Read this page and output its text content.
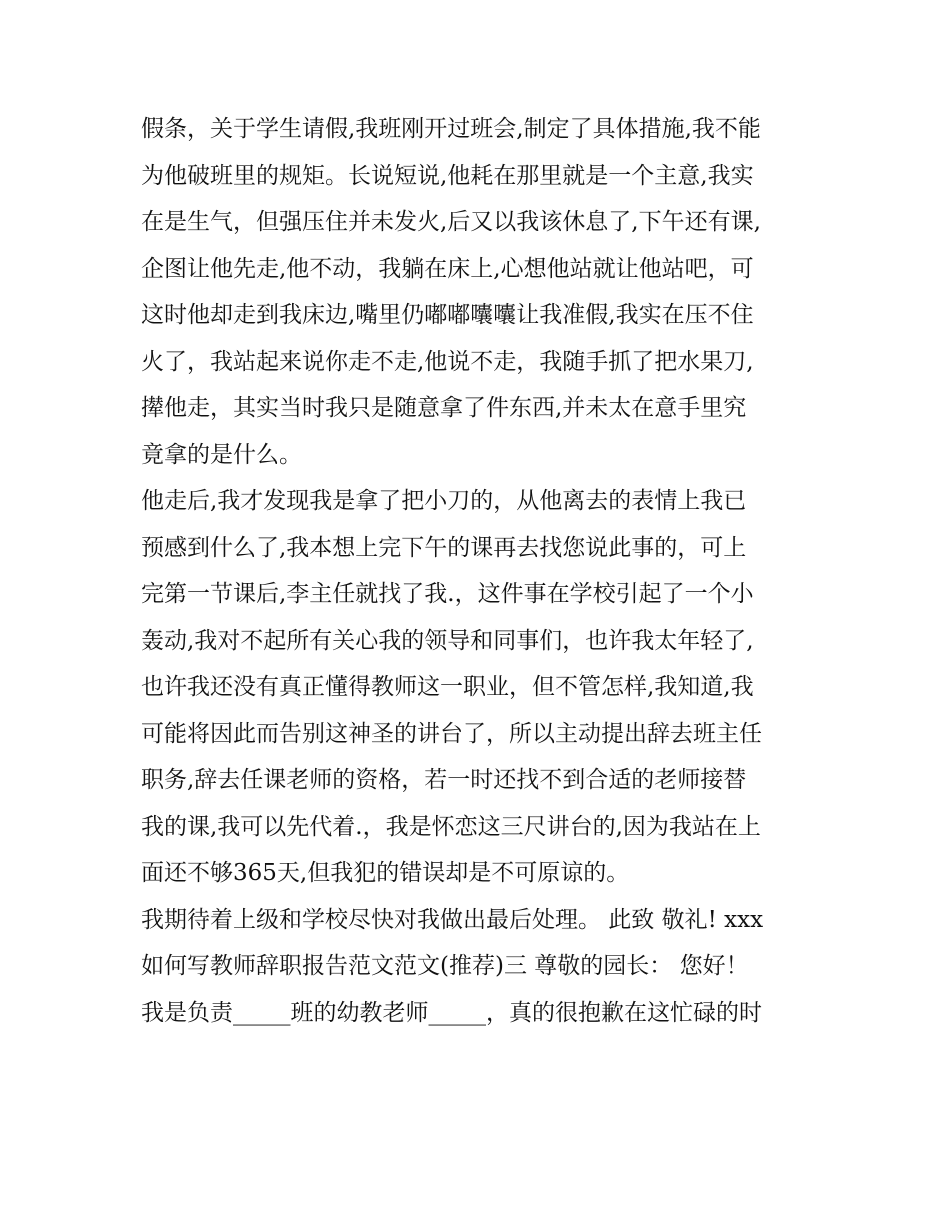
假条，关于学生请假,我班刚开过班会,制定了具体措施,我不能
为他破班里的规矩。长说短说,他耗在那里就是一个主意,我实
在是生气，但强压住并未发火,后又以我该休息了,下午还有课,
企图让他先走,他不动，我躺在床上,心想他站就让他站吧，可
这时他却走到我床边,嘴里仍嘟嘟囔囔让我准假,我实在压不住
火了，我站起来说你走不走,他说不走，我随手抓了把水果刀,
撵他走，其实当时我只是随意拿了件东西,并未太在意手里究
竟拿的是什么。
他走后,我才发现我是拿了把小刀的，从他离去的表情上我已
预感到什么了,我本想上完下午的课再去找您说此事的，可上
完第一节课后,李主任就找了我.，这件事在学校引起了一个小
轰动,我对不起所有关心我的领导和同事们，也许我太年轻了,
也许我还没有真正懂得教师这一职业，但不管怎样,我知道,我
可能将因此而告别这神圣的讲台了，所以主动提出辞去班主任
职务,辞去任课老师的资格，若一时还找不到合适的老师接替
我的课,我可以先代着.，我是怀恋这三尺讲台的,因为我站在上
面还不够365天,但我犯的错误却是不可原谅的。
我期待着上级和学校尽快对我做出最后处理。 此致 敬礼! xxx
如何写教师辞职报告范文范文(推荐)三 尊敬的园长： 您好！
我是负责_____班的幼教老师_____，真的很抱歉在这忙碌的时
